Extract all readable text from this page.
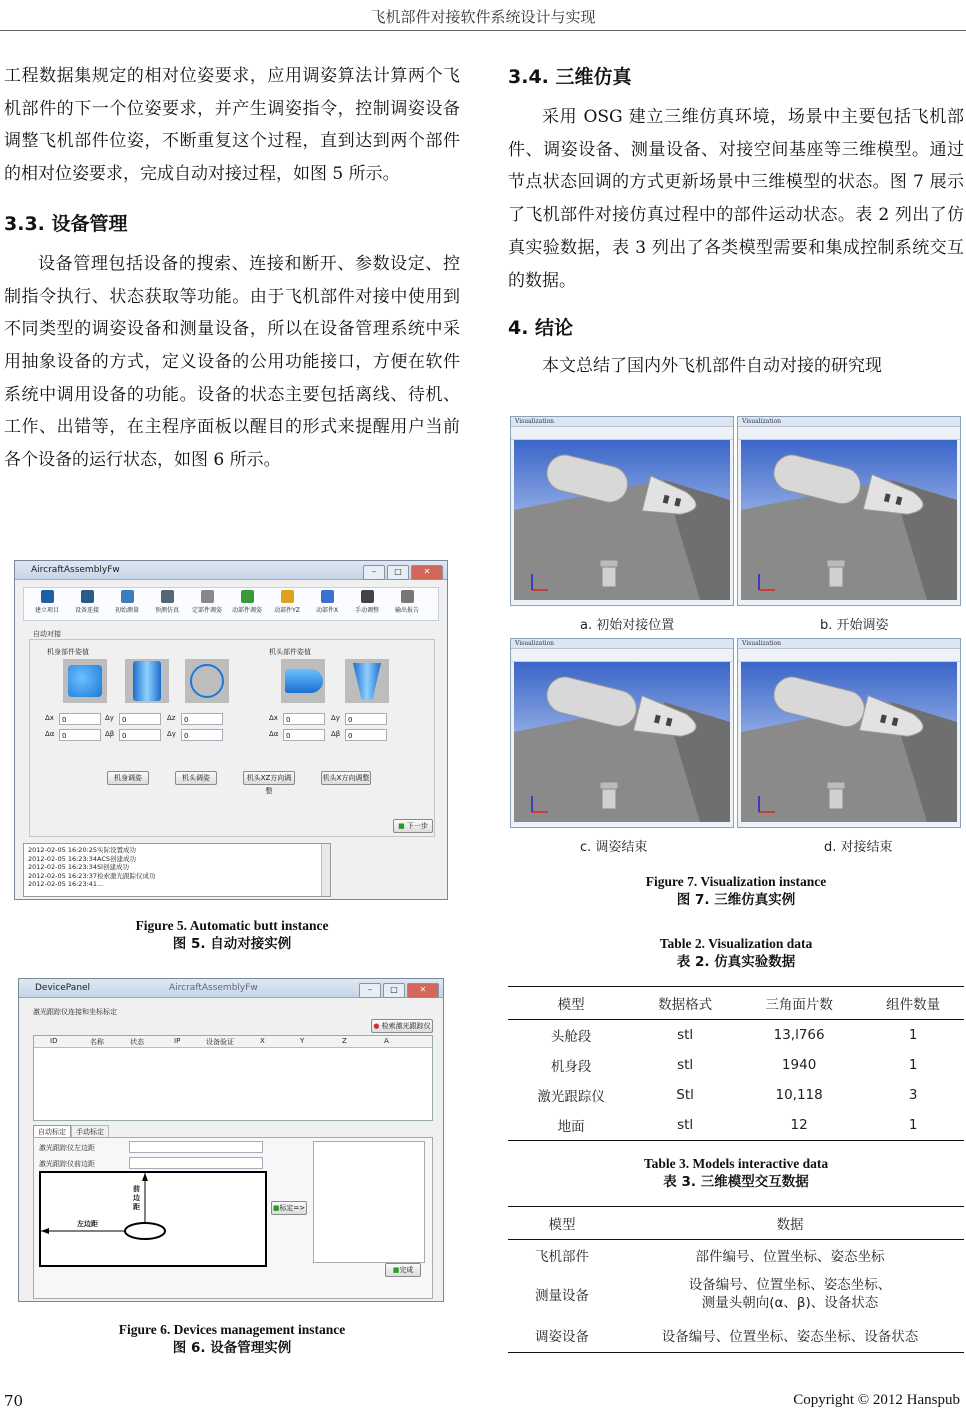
飞机部件对接软件系统设计与实现

工程数据集规定的相对位姿要求，应用调姿算法计算两个飞机部件的下一个位姿要求，并产生调姿指令，控制调姿设备调整飞机部件位姿，不断重复这个过程，直到达到两个部件的相对位姿要求，完成自动对接过程，如图 5 所示。

3.3. 设备管理

设备管理包括设备的搜索、连接和断开、参数设定、控制指令执行、状态获取等功能。由于飞机部件对接中使用到不同类型的调姿设备和测量设备，所以在设备管理系统中采用抽象设备的方式，定义设备的公用功能接口，方便在软件系统中调用设备的功能。设备的状态主要包括离线、待机、工作、出错等，在主程序面板以醒目的形式来提醒用户当前各个设备的运行状态，如图 6 所示。

AircraftAssemblyFw	– □	✕
建立项目	设备连接	初始测量	预测仿真 定部件调姿 动部件调姿 动部件YZ	动部件X	手动调整	输出报告
自动对接
机身部件姿值	机头部件姿值
Δx	0
Δα	0
Δy	0
Δβ	0
Δz	0
Δγ	0
Δx	0
Δα	0
Δy	0
Δβ	0
机身调姿	机头调姿	机头XZ方向调整
机头X方向调整
■ 下一步
2012-02-05 16:20:25实际设置成功
2012-02-05 16:23:34ACS创建成功
2012-02-05 16:23:34Sl创建成功
2012-02-05 16:23:37检索激光跟踪仪成功
2012-02-05 16:23:41...
Figure 5. Automatic butt instance
图 5. 自动对接实例
DevicePanel	AircraftAssemblyFw	– □	✕
激光跟踪仪连接和坐标标定
● 检索激光跟踪仪
ID	名称	状态	IP	设备验证	X	Y	Z	A
自动标定	手动标定
激光跟踪仪左边距
激光跟踪仪前边距
前边距
左边距
■标定=>
■完成
Figure 6. Devices management instance
图 6. 设备管理实例
3.4. 三维仿真

采用 OSG 建立三维仿真环境，场景中主要包括飞机部件、调姿设备、测量设备、对接空间基座等三维模型。通过节点状态回调的方式更新场景中三维模型的状态。图 7 展示了飞机部件对接仿真过程中的部件运动状态。表 2 列出了仿真实验数据，表 3 列出了各类模型需要和集成控制系统交互的数据。

4. 结论

本文总结了国内外飞机部件自动对接的研究现

Visualization	Visualization
Visualization	Visualization
a. 初始对接位置	b. 开始调姿
c. 调姿结束	d. 对接结束
Figure 7. Visualization instance
图 7. 三维仿真实例
Table 2. Visualization data
表 2. 仿真实验数据
模型	数据格式	三角面片数	组件数量
头舱段	stl	13,l766	1
机身段	stl	1940	1
激光跟踪仪	Stl	10,118	3
地面	stl	12	1
Table 3. Models interactive data
表 3. 三维模型交互数据
模型	数据
飞机部件	部件编号、位置坐标、姿态坐标
测量设备	设备编号、位置坐标、姿态坐标、
测量头朝向(α、β)、设备状态

调姿设备	设备编号、位置坐标、姿态坐标、设备状态
70	Copyright © 2012 Hanspub
